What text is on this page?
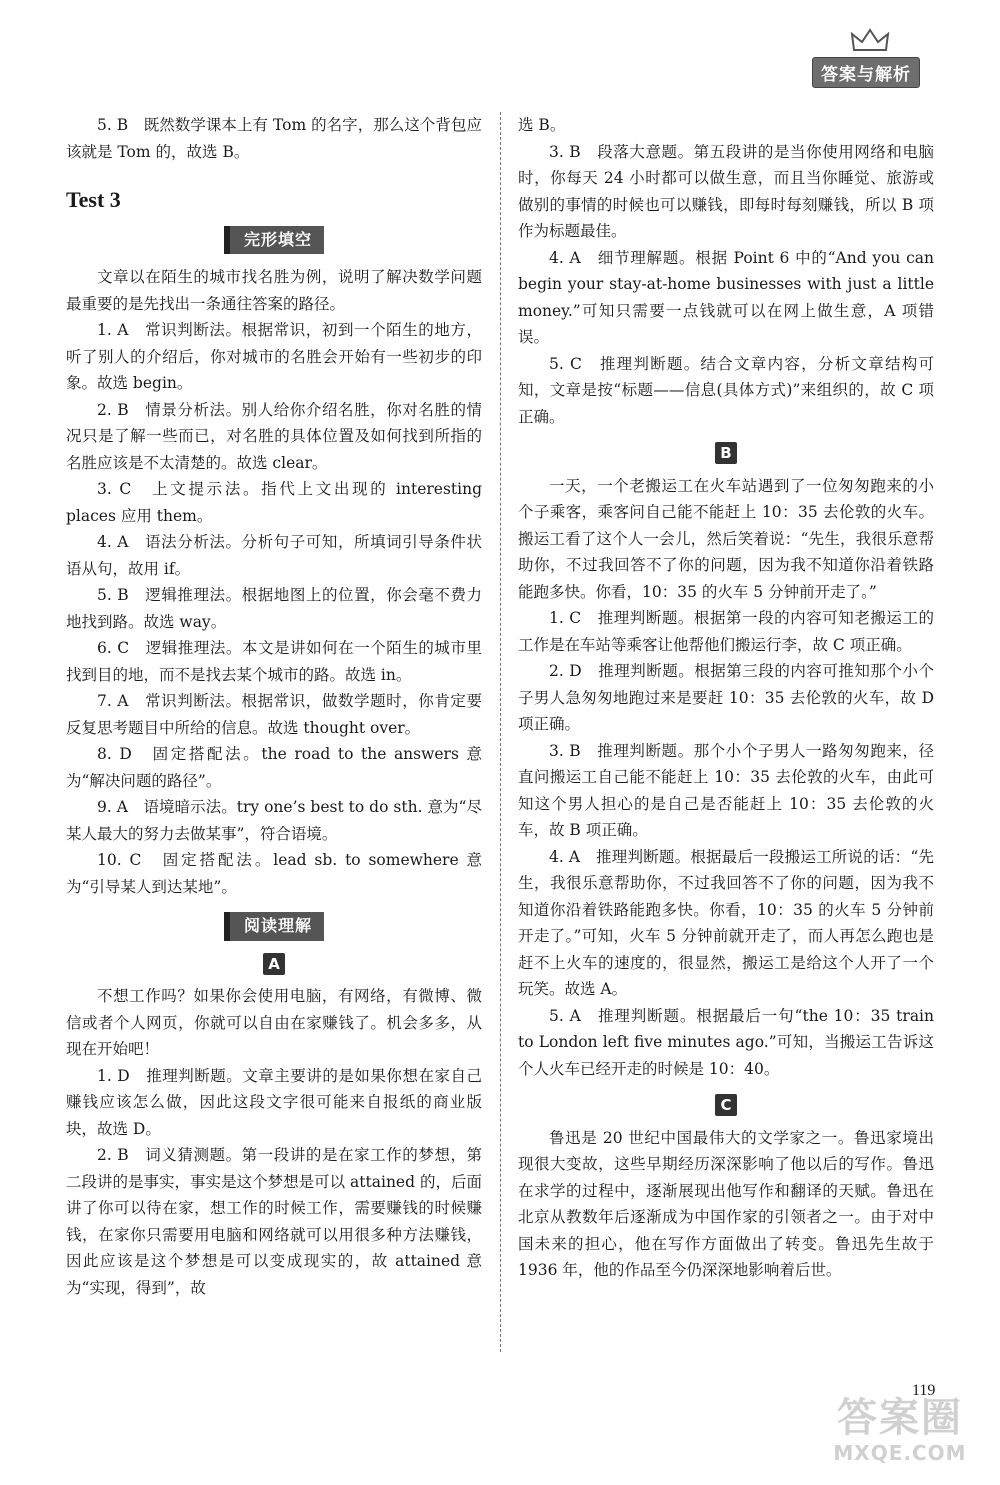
答案与解析

5. B　既然数学课本上有 Tom 的名字，那么这个背包应该就是 Tom 的，故选 B。

Test 3
完形填空

文章以在陌生的城市找名胜为例，说明了解决数学问题最重要的是先找出一条通往答案的路径。

1. A　常识判断法。根据常识，初到一个陌生的地方，听了别人的介绍后，你对城市的名胜会开始有一些初步的印象。故选 begin。

2. B　情景分析法。别人给你介绍名胜，你对名胜的情况只是了解一些而已，对名胜的具体位置及如何找到所指的名胜应该是不太清楚的。故选 clear。

3. C　上文提示法。指代上文出现的 interesting places 应用 them。

4. A　语法分析法。分析句子可知，所填词引导条件状语从句，故用 if。

5. B　逻辑推理法。根据地图上的位置，你会毫不费力地找到路。故选 way。

6. C　逻辑推理法。本文是讲如何在一个陌生的城市里找到目的地，而不是找去某个城市的路。故选 in。

7. A　常识判断法。根据常识，做数学题时，你肯定要反复思考题目中所给的信息。故选 thought over。

8. D　固定搭配法。the road to the answers 意为“解决问题的路径”。

9. A　语境暗示法。try one’s best to do sth. 意为“尽某人最大的努力去做某事”，符合语境。

10. C　固定搭配法。lead sb. to somewhere 意为“引导某人到达某地”。

阅读理解
A

不想工作吗？如果你会使用电脑，有网络，有微博、微信或者个人网页，你就可以自由在家赚钱了。机会多多，从现在开始吧！

1. D　推理判断题。文章主要讲的是如果你想在家自己赚钱应该怎么做，因此这段文字很可能来自报纸的商业版块，故选 D。

2. B　词义猜测题。第一段讲的是在家工作的梦想，第二段讲的是事实，事实是这个梦想是可以 attained 的，后面讲了你可以待在家，想工作的时候工作，需要赚钱的时候赚钱，在家你只需要用电脑和网络就可以用很多种方法赚钱，因此应该是这个梦想是可以变成现实的，故 attained 意为“实现，得到”，故

选 B。

3. B　段落大意题。第五段讲的是当你使用网络和电脑时，你每天 24 小时都可以做生意，而且当你睡觉、旅游或做别的事情的时候也可以赚钱，即每时每刻赚钱，所以 B 项作为标题最佳。

4. A　细节理解题。根据 Point 6 中的“And you can begin your stay-at-home businesses with just a little money.”可知只需要一点钱就可以在网上做生意，A 项错误。

5. C　推理判断题。结合文章内容，分析文章结构可知，文章是按“标题——信息(具体方式)”来组织的，故 C 项正确。

B

一天，一个老搬运工在火车站遇到了一位匆匆跑来的小个子乘客，乘客问自己能不能赶上 10：35 去伦敦的火车。搬运工看了这个人一会儿，然后笑着说：“先生，我很乐意帮助你，不过我回答不了你的问题，因为我不知道你沿着铁路能跑多快。你看，10：35 的火车 5 分钟前开走了。”

1. C　推理判断题。根据第一段的内容可知老搬运工的工作是在车站等乘客让他帮他们搬运行李，故 C 项正确。

2. D　推理判断题。根据第三段的内容可推知那个小个子男人急匆匆地跑过来是要赶 10：35 去伦敦的火车，故 D 项正确。

3. B　推理判断题。那个小个子男人一路匆匆跑来，径直问搬运工自己能不能赶上 10：35 去伦敦的火车，由此可知这个男人担心的是自己是否能赶上 10：35 去伦敦的火车，故 B 项正确。

4. A　推理判断题。根据最后一段搬运工所说的话：“先生，我很乐意帮助你，不过我回答不了你的问题，因为我不知道你沿着铁路能跑多快。你看，10：35 的火车 5 分钟前开走了。”可知，火车 5 分钟前就开走了，而人再怎么跑也是赶不上火车的速度的，很显然，搬运工是给这个人开了一个玩笑。故选 A。

5. A　推理判断题。根据最后一句“the 10：35 train to London left five minutes ago.”可知，当搬运工告诉这个人火车已经开走的时候是 10：40。

C

鲁迅是 20 世纪中国最伟大的文学家之一。鲁迅家境出现很大变故，这些早期经历深深影响了他以后的写作。鲁迅在求学的过程中，逐渐展现出他写作和翻译的天赋。鲁迅在北京从教数年后逐渐成为中国作家的引领者之一。由于对中国未来的担心，他在写作方面做出了转变。鲁迅先生故于 1936 年，他的作品至今仍深深地影响着后世。

119
答案圈
MXQE.COM
